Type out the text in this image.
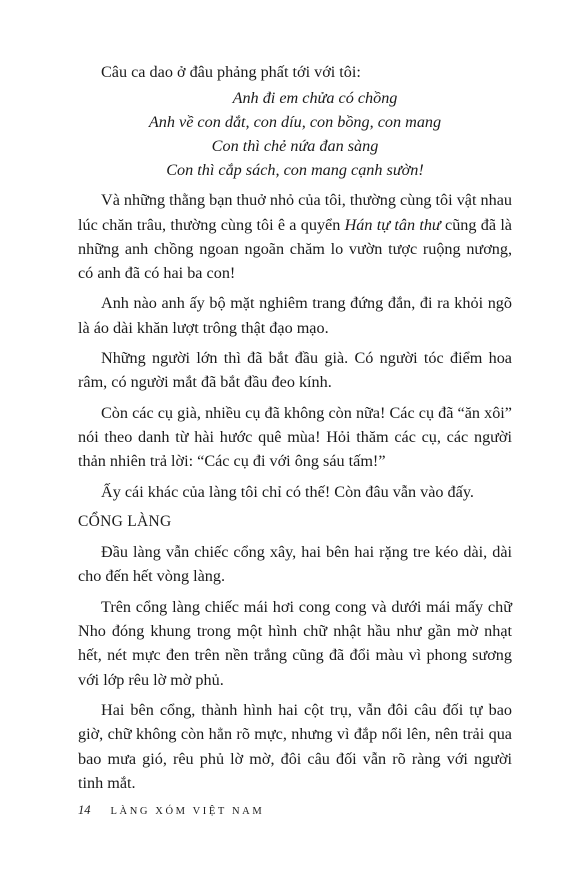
Câu ca dao ở đâu phảng phất tới với tôi:

Anh đi em chửa có chồng
Anh về con dắt, con díu, con bồng, con mang
Con thì chẻ nứa đan sàng
Con thì cắp sách, con mang cạnh sườn!

Và những thằng bạn thuở nhỏ của tôi, thường cùng tôi vật nhau lúc chăn trâu, thường cùng tôi ê a quyển Hán tự tân thư cũng đã là những anh chồng ngoan ngoãn chăm lo vườn tược ruộng nương, có anh đã có hai ba con!

Anh nào anh ấy bộ mặt nghiêm trang đứng đắn, đi ra khỏi ngõ là áo dài khăn lượt trông thật đạo mạo.

Những người lớn thì đã bắt đầu già. Có người tóc điểm hoa râm, có người mắt đã bắt đầu đeo kính.

Còn các cụ già, nhiều cụ đã không còn nữa! Các cụ đã “ăn xôi” nói theo danh từ hài hước quê mùa! Hỏi thăm các cụ, các người thản nhiên trả lời: “Các cụ đi với ông sáu tấm!”

Ấy cái khác của làng tôi chỉ có thế! Còn đâu vẫn vào đấy.

CỔNG LÀNG

Đầu làng vẫn chiếc cổng xây, hai bên hai rặng tre kéo dài, dài cho đến hết vòng làng.

Trên cổng làng chiếc mái hơi cong cong và dưới mái mấy chữ Nho đóng khung trong một hình chữ nhật hầu như gần mờ nhạt hết, nét mực đen trên nền trắng cũng đã đổi màu vì phong sương với lớp rêu lờ mờ phủ.

Hai bên cổng, thành hình hai cột trụ, vẫn đôi câu đối tự bao giờ, chữ không còn hẳn rõ mực, nhưng vì đắp nổi lên, nên trải qua bao mưa gió, rêu phủ lờ mờ, đôi câu đối vẫn rõ ràng với người tinh mắt.

14 LÀNG XÓM VIỆT NAM
